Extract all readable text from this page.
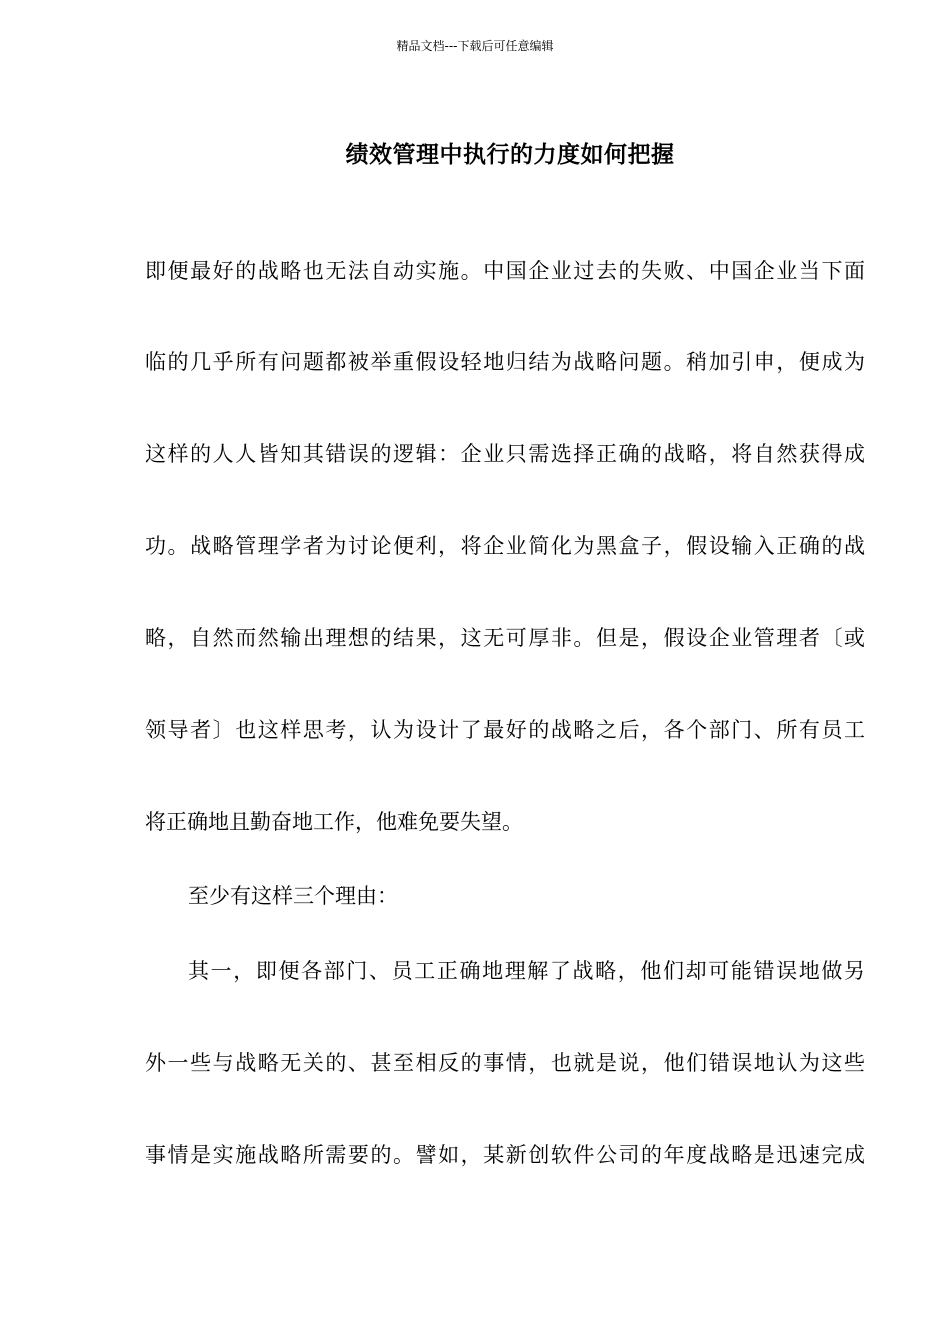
精品文档---下载后可任意编辑
绩效管理中执行的力度如何把握
即便最好的战略也无法自动实施。中国企业过去的失败、中国企业当下面
临的几乎所有问题都被举重假设轻地归结为战略问题。稍加引申，便成为
这样的人人皆知其错误的逻辑：企业只需选择正确的战略，将自然获得成
功。战略管理学者为讨论便利，将企业简化为黑盒子，假设输入正确的战
略，自然而然输出理想的结果，这无可厚非。但是，假设企业管理者〔或
领导者〕也这样思考，认为设计了最好的战略之后，各个部门、所有员工
将正确地且勤奋地工作，他难免要失望。
至少有这样三个理由：
其一，即便各部门、员工正确地理解了战略，他们却可能错误地做另
外一些与战略无关的、甚至相反的事情，也就是说，他们错误地认为这些
事情是实施战略所需要的。譬如，某新创软件公司的年度战略是迅速完成
